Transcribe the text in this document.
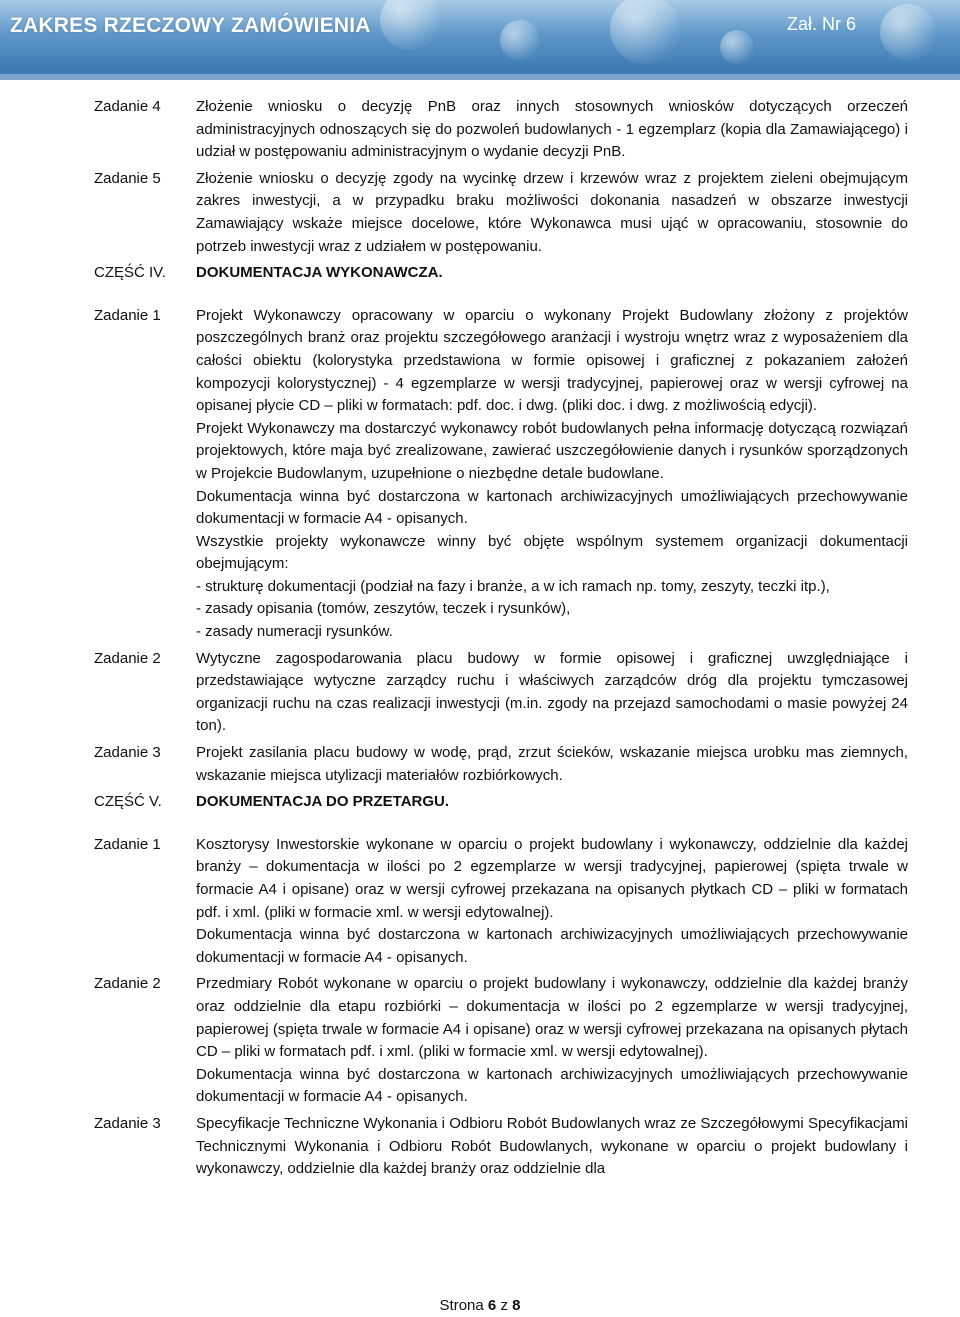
ZAKRES RZECZOWY ZAMÓWIENIA	Zał. Nr 6
Zadanie 4	Złożenie wniosku o decyzję PnB oraz innych stosownych wniosków dotyczących orzeczeń administracyjnych odnoszących się do pozwoleń budowlanych - 1 egzemplarz (kopia dla Zamawiającego) i udział w postępowaniu administracyjnym o wydanie decyzji PnB.

Zadanie 5	Złożenie wniosku o decyzję zgody na wycinkę drzew i krzewów wraz z projektem zieleni obejmującym zakres inwestycji, a w przypadku braku możliwości dokonania nasadzeń w obszarze inwestycji Zamawiający wskaże miejsce docelowe, które Wykonawca musi ująć w opracowaniu, stosownie do potrzeb inwestycji wraz z udziałem w postępowaniu.

CZĘŚĆ IV.	DOKUMENTACJA WYKONAWCZA.

Zadanie 1	Projekt Wykonawczy opracowany w oparciu o wykonany Projekt Budowlany złożony z projektów poszczególnych branż oraz projektu szczegółowego aranżacji i wystroju wnętrz wraz z wyposażeniem dla całości obiektu (kolorystyka przedstawiona w formie opisowej i graficznej z pokazaniem założeń kompozycji kolorystycznej) - 4 egzemplarze w wersji tradycyjnej, papierowej oraz w wersji cyfrowej na opisanej płycie CD – pliki w formatach: pdf. doc. i dwg. (pliki doc. i dwg. z możliwością edycji).

Projekt Wykonawczy ma dostarczyć wykonawcy robót budowlanych pełna informację dotyczącą rozwiązań projektowych, które maja być zrealizowane, zawierać uszczegółowienie danych i rysunków sporządzonych w Projekcie Budowlanym, uzupełnione o niezbędne detale budowlane.

Dokumentacja winna być dostarczona w kartonach archiwizacyjnych umożliwiających przechowywanie dokumentacji w formacie A4 - opisanych.

Wszystkie projekty wykonawcze winny być objęte wspólnym systemem organizacji dokumentacji obejmującym:

- strukturę dokumentacji (podział na fazy i branże, a w ich ramach np. tomy, zeszyty, teczki itp.),

- zasady opisania (tomów, zeszytów, teczek i rysunków),

- zasady numeracji rysunków.

Zadanie 2	Wytyczne zagospodarowania placu budowy w formie opisowej i graficznej uwzględniające i przedstawiające wytyczne zarządcy ruchu i właściwych zarządców dróg dla projektu tymczasowej organizacji ruchu na czas realizacji inwestycji (m.in. zgody na przejazd samochodami o masie powyżej 24 ton).

Zadanie 3	Projekt zasilania placu budowy w wodę, prąd, zrzut ścieków, wskazanie miejsca urobku mas ziemnych, wskazanie miejsca utylizacji materiałów rozbiórkowych.

CZĘŚĆ V.	DOKUMENTACJA DO PRZETARGU.

Zadanie 1	Kosztorysy Inwestorskie wykonane w oparciu o projekt budowlany i wykonawczy, oddzielnie dla każdej branży – dokumentacja w ilości po 2 egzemplarze w wersji tradycyjnej, papierowej (spięta trwale w formacie A4 i opisane) oraz w wersji cyfrowej przekazana na opisanych płytkach CD – pliki w formatach pdf. i xml. (pliki w formacie xml. w wersji edytowalnej).

Dokumentacja winna być dostarczona w kartonach archiwizacyjnych umożliwiających przechowywanie dokumentacji w formacie A4 - opisanych.

Zadanie 2	Przedmiary Robót wykonane w oparciu o projekt budowlany i wykonawczy, oddzielnie dla każdej branży oraz oddzielnie dla etapu rozbiórki – dokumentacja w ilości po 2 egzemplarze w wersji tradycyjnej, papierowej (spięta trwale w formacie A4 i opisane) oraz w wersji cyfrowej przekazana na opisanych płytach CD – pliki w formatach pdf. i xml. (pliki w formacie xml. w wersji edytowalnej).

Dokumentacja winna być dostarczona w kartonach archiwizacyjnych umożliwiających przechowywanie dokumentacji w formacie A4 - opisanych.

Zadanie 3	Specyfikacje Techniczne Wykonania i Odbioru Robót Budowlanych wraz ze Szczegółowymi Specyfikacjami Technicznymi Wykonania i Odbioru Robót Budowlanych, wykonane w oparciu o projekt budowlany i wykonawczy, oddzielnie dla każdej branży oraz oddzielnie dla

Strona 6 z 8
